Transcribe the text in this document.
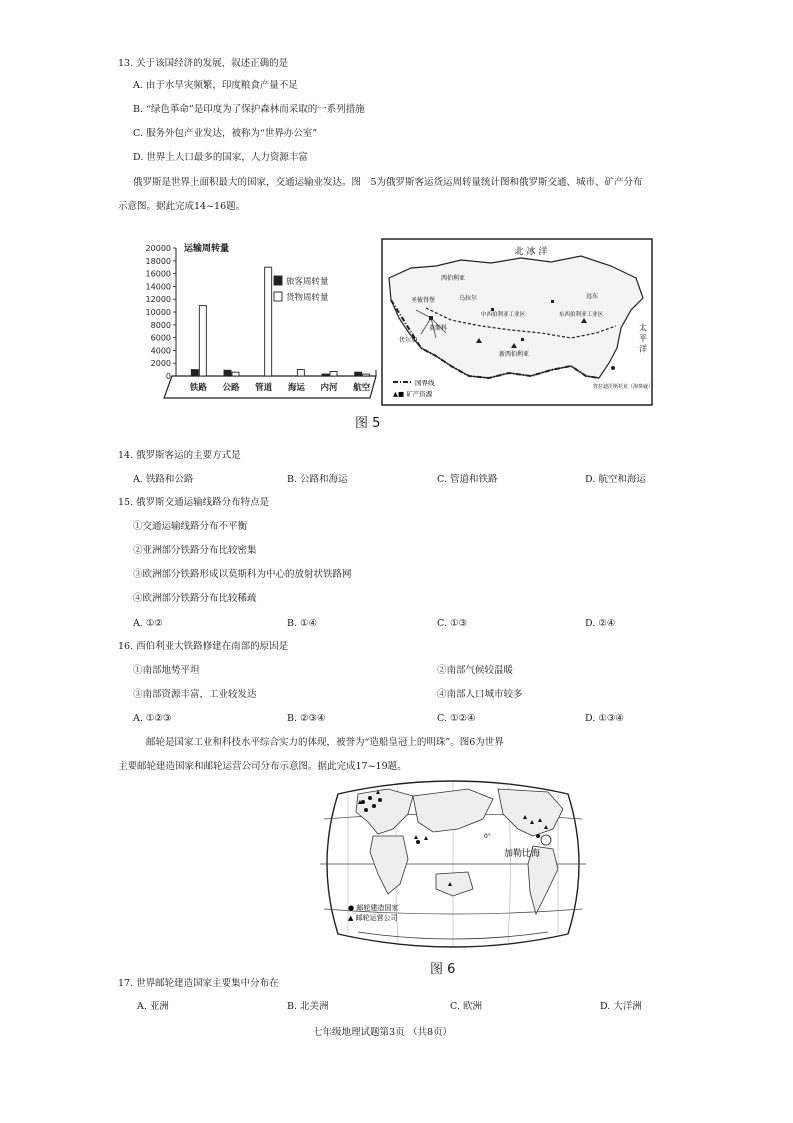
13. 关于该国经济的发展，叙述正确的是
A. 由于水旱灾频繁，印度粮食产量不足
B. “绿色革命”是印度为了保护森林而采取的一系列措施
C. 服务外包产业发达，被称为“世界办公室”
D. 世界上人口最多的国家，人力资源丰富
俄罗斯是世界上面积最大的国家，交通运输业发达。图　5为俄罗斯客运货运周转量统计图和俄罗斯交通、城市、矿产分布
示意图。据此完成14~16题。
20000
18000
16000
14000
12000
10000
8000
6000
4000
2000
0
运输周转量
铁路 公路 管道 海运 内河 航空
旅客周转量
货物周转量
北 冰 洋
太 平 洋
西伯利亚
圣彼得堡
莫斯科
中西伯利亚工业区	东西伯利亚工业区
乌拉尔
伏尔加
新西伯利亚
远东
国界线
▲■ 矿产资源
符拉迪沃斯托克（海参崴）
图 5
14. 俄罗斯客运的主要方式是
A. 铁路和公路	B. 公路和海运	C. 管道和铁路	D. 航空和海运
15. 俄罗斯交通运输线路分布特点是
①交通运输线路分布不平衡
②亚洲部分铁路分布比较密集
③欧洲部分铁路形成以莫斯科为中心的放射状铁路网
④欧洲部分铁路分布比较稀疏
A. ①②	B. ①④	C. ①③	D. ②④
16. 西伯利亚大铁路修建在南部的原因是
①南部地势平坦	②南部气候较温暖
③南部资源丰富，工业较发达	④南部人口城市较多
A. ①②③	B. ②③④	C. ①②④	D. ①③④
邮轮是国家工业和科技水平综合实力的体现，被誉为“造船皇冠上的明珠”。图6为世界
主要邮轮建造国家和邮轮运营公司分布示意图。据此完成17~19题。
加勒比海
0°
● 邮轮建造国家
▲ 邮轮运营公司
图 6
17. 世界邮轮建造国家主要集中分布在
A. 亚洲	B. 北美洲	C. 欧洲	D. 大洋洲
七年级地理试题第3页 （共8页）
